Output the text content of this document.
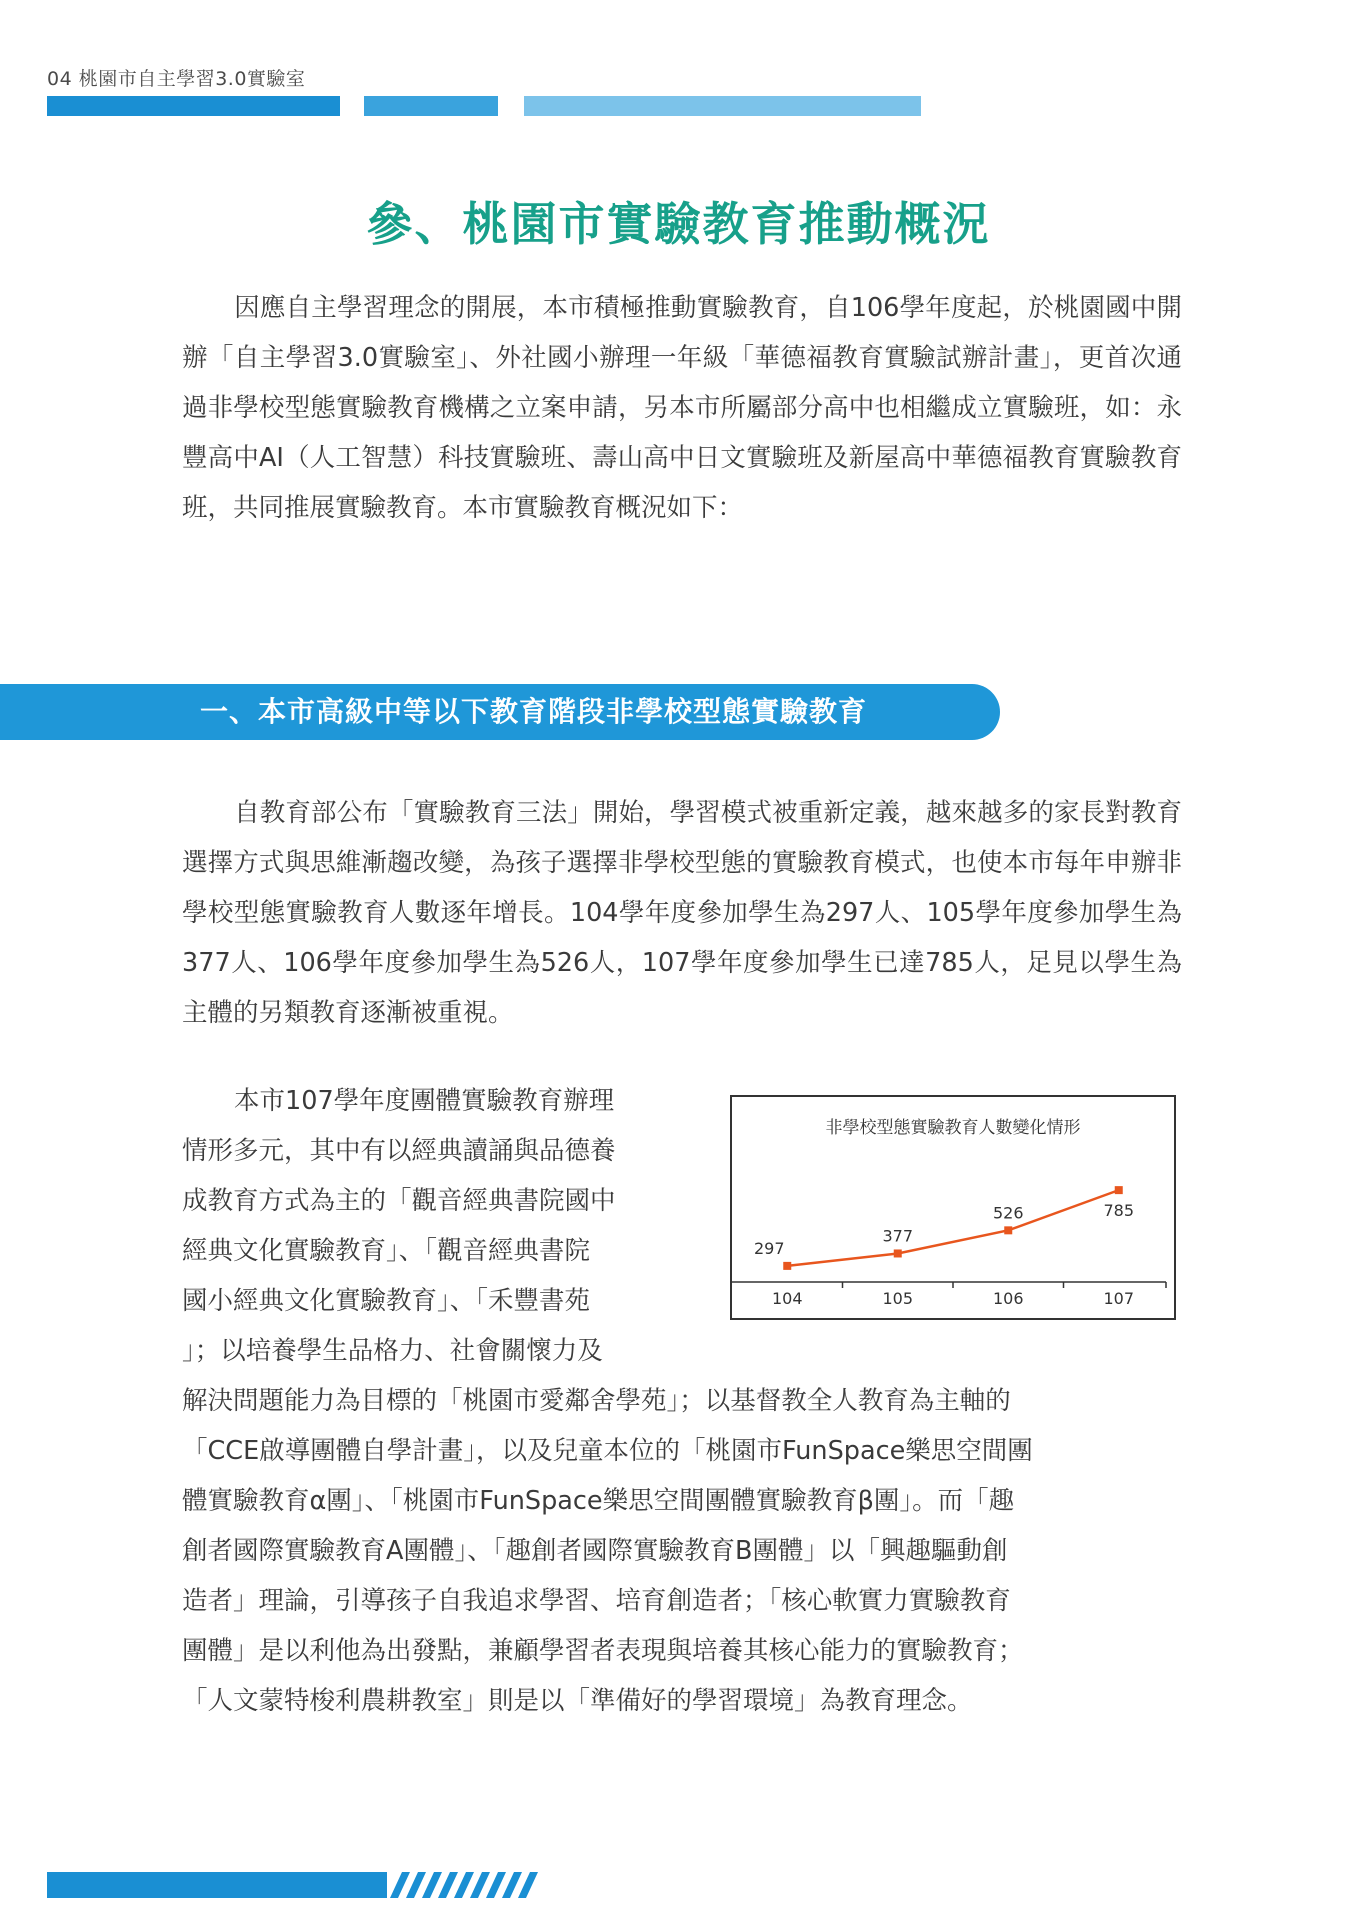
04 桃園市自主學習3.0實驗室
參、桃園市實驗教育推動概況

因應自主學習理念的開展，本市積極推動實驗教育，自106學年度起，於桃園國中開辦「自主學習3.0實驗室」、外社國小辦理一年級「華德福教育實驗試辦計畫」，更首次通過非學校型態實驗教育機構之立案申請，另本市所屬部分高中也相繼成立實驗班，如：永豐高中AI（人工智慧）科技實驗班、壽山高中日文實驗班及新屋高中華德福教育實驗教育班，共同推展實驗教育。本市實驗教育概況如下：

一、本市高級中等以下教育階段非學校型態實驗教育

自教育部公布「實驗教育三法」開始，學習模式被重新定義，越來越多的家長對教育選擇方式與思維漸趨改變，為孩子選擇非學校型態的實驗教育模式，也使本市每年申辦非學校型態實驗教育人數逐年增長。104學年度參加學生為297人、105學年度參加學生為377人、106學年度參加學生為526人，107學年度參加學生已達785人，足見以學生為主體的另類教育逐漸被重視。

本市107學年度團體實驗教育辦理
情形多元，其中有以經典讀誦與品德養
成教育方式為主的「觀音經典書院國中
經典文化實驗教育」、「觀音經典書院
國小經典文化實驗教育」、「禾豐書苑
」；以培養學生品格力、社會關懷力及
解決問題能力為目標的「桃園市愛鄰舍學苑」；以基督教全人教育為主軸的
「CCE啟導團體自學計畫」，以及兒童本位的「桃園市FunSpace樂思空間團
體實驗教育α團」、「桃園市FunSpace樂思空間團體實驗教育β團」。而「趣
創者國際實驗教育A團體」、「趣創者國際實驗教育B團體」以「興趣驅動創
造者」理論，引導孩子自我追求學習、培育創造者；「核心軟實力實驗教育
團體」是以利他為出發點，兼顧學習者表現與培養其核心能力的實驗教育；
「人文蒙特梭利農耕教室」則是以「準備好的學習環境」為教育理念。
非學校型態實驗教育人數變化情形
104	105	106	107
297
377
526	785
